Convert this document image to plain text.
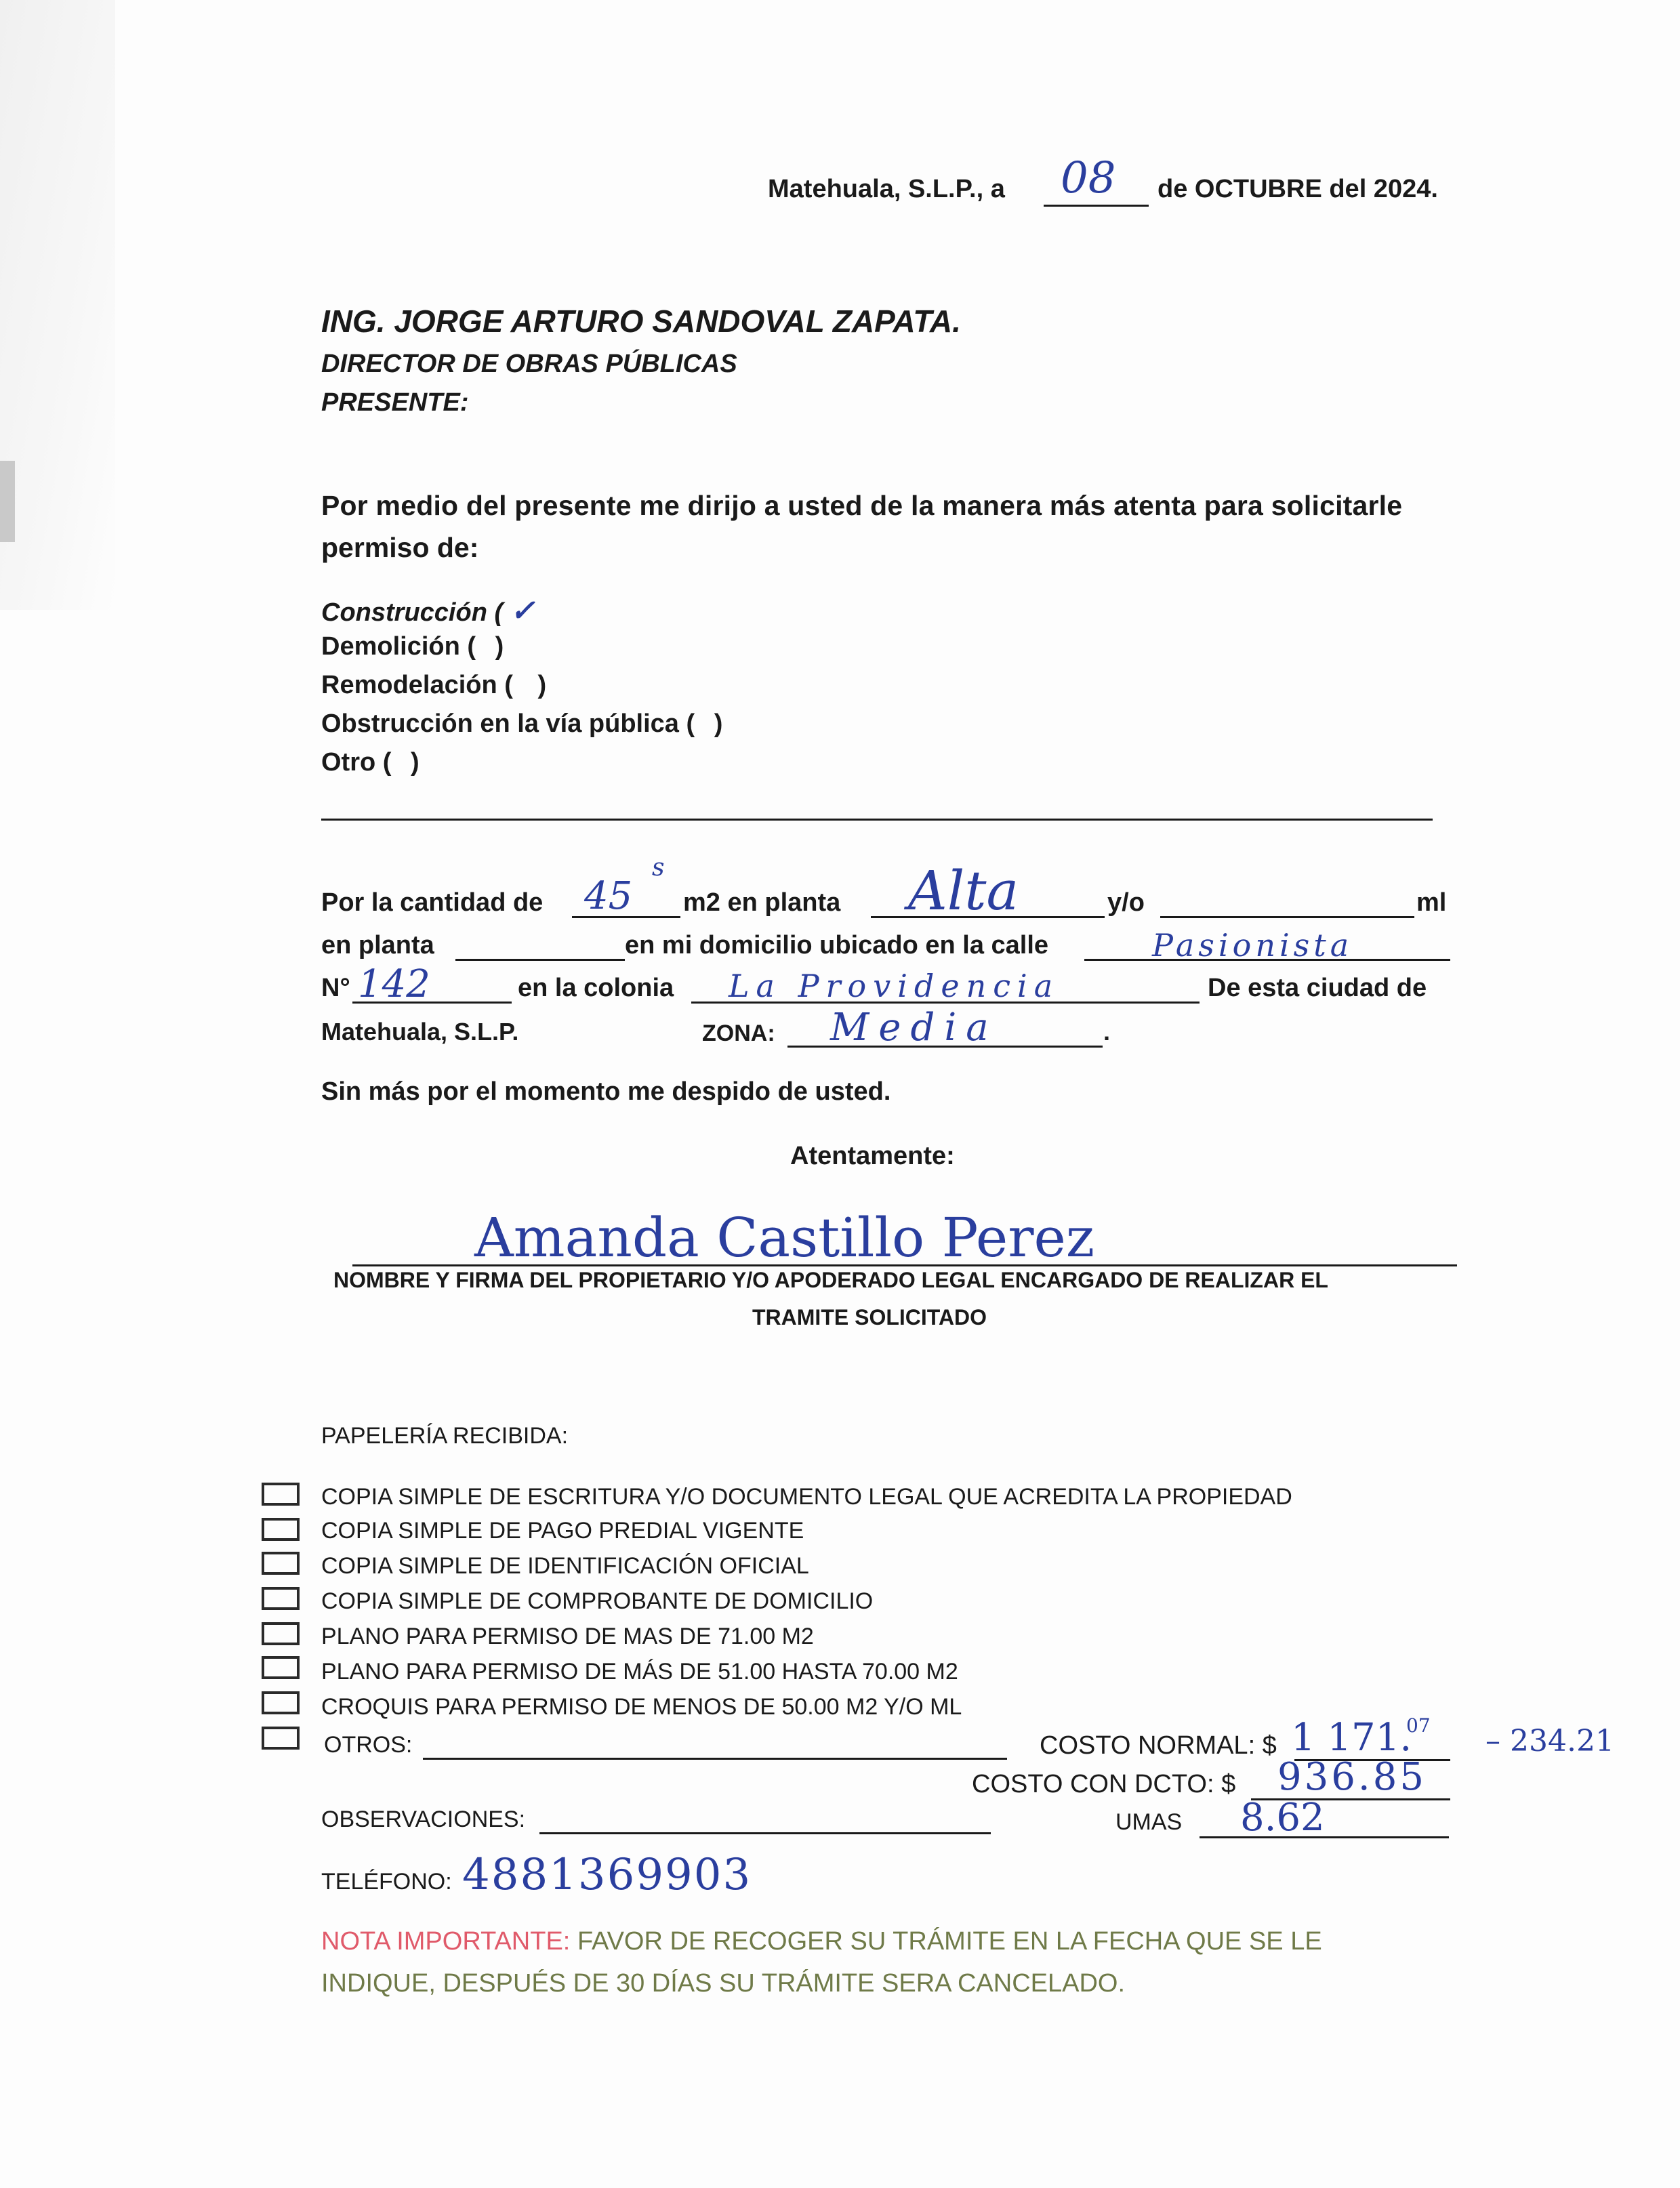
Matehuala, S.L.P., a 08 de OCTUBRE del 2024.
ING. JORGE ARTURO SANDOVAL ZAPATA.
DIRECTOR DE OBRAS PÚBLICAS
PRESENTE:
Por medio del presente me dirijo a usted de la manera más atenta para solicitarle
permiso de:
Construcción ( ✓
Demolición ( )
Remodelación ( )
Obstrucción en la vía pública ( )
Otro ( )
Por la cantidad de 45
s
m2 en planta Alta	y/o	ml
en planta	en mi domicilio ubicado en la calle	Pasionista
N° 142	en la colonia La Providencia	De esta ciudad de
Matehuala, S.L.P.	ZONA: Media	.
Sin más por el momento me despido de usted.
Atentamente:
Amanda Castillo Perez
NOMBRE Y FIRMA DEL PROPIETARIO Y/O APODERADO LEGAL ENCARGADO DE REALIZAR EL
TRAMITE SOLICITADO
PAPELERÍA RECIBIDA:
COPIA SIMPLE DE ESCRITURA Y/O DOCUMENTO LEGAL QUE ACREDITA LA PROPIEDAD
COPIA SIMPLE DE PAGO PREDIAL VIGENTE
COPIA SIMPLE DE IDENTIFICACIÓN OFICIAL
COPIA SIMPLE DE COMPROBANTE DE DOMICILIO
PLANO PARA PERMISO DE MAS DE 71.00 M2
PLANO PARA PERMISO DE MÁS DE 51.00 HASTA 70.00 M2
CROQUIS PARA PERMISO DE MENOS DE 50.00 M2 Y/O ML
OTROS:	COSTO NORMAL: $ 1 171.
07 – 234.21
COSTO CON DCTO: $ 936.85
OBSERVACIONES:	UMAS 8.62
TELÉFONO: 4881369903
NOTA IMPORTANTE: FAVOR DE RECOGER SU TRÁMITE EN LA FECHA QUE SE LE
INDIQUE, DESPUÉS DE 30 DÍAS SU TRÁMITE SERA CANCELADO.
